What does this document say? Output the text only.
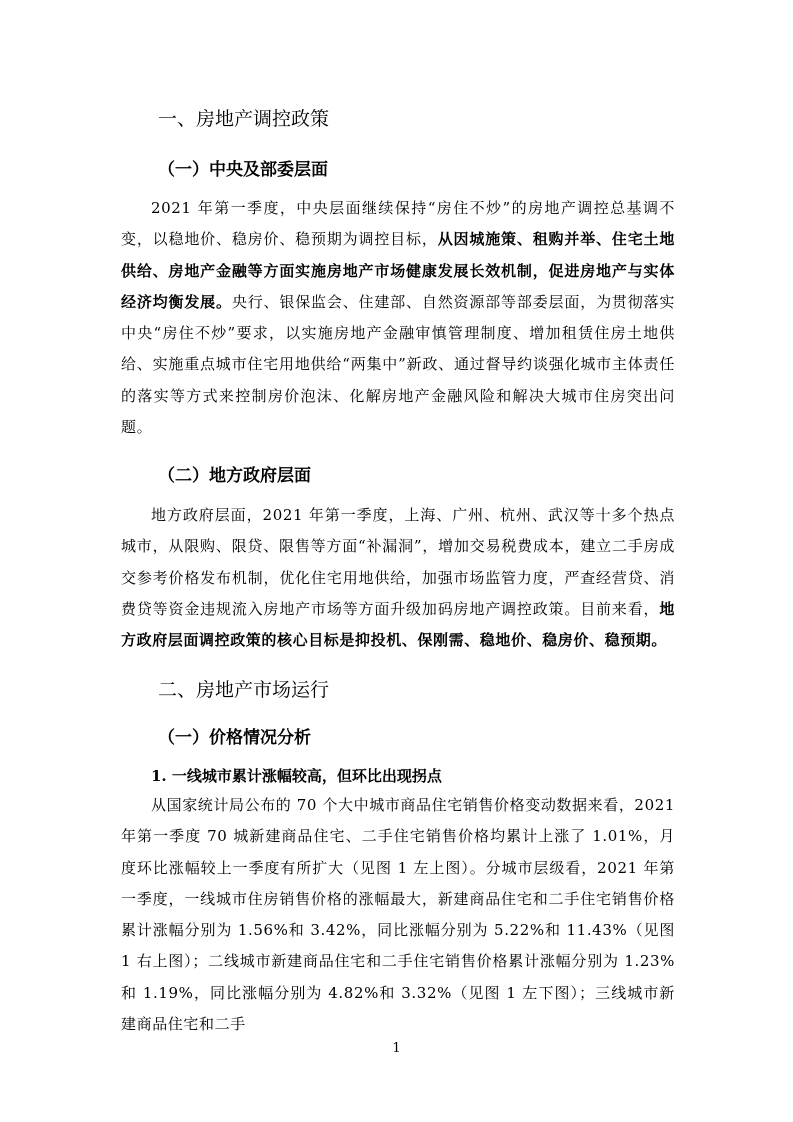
一、房地产调控政策
（一）中央及部委层面

2021 年第一季度，中央层面继续保持“房住不炒”的房地产调控总基调不变，以稳地价、稳房价、稳预期为调控目标，从因城施策、租购并举、住宅土地供给、房地产金融等方面实施房地产市场健康发展长效机制，促进房地产与实体经济均衡发展。央行、银保监会、住建部、自然资源部等部委层面，为贯彻落实中央“房住不炒”要求，以实施房地产金融审慎管理制度、增加租赁住房土地供给、实施重点城市住宅用地供给“两集中”新政、通过督导约谈强化城市主体责任的落实等方式来控制房价泡沫、化解房地产金融风险和解决大城市住房突出问题。

（二）地方政府层面

地方政府层面，2021 年第一季度，上海、广州、杭州、武汉等十多个热点城市，从限购、限贷、限售等方面“补漏洞”，增加交易税费成本，建立二手房成交参考价格发布机制，优化住宅用地供给，加强市场监管力度，严查经营贷、消费贷等资金违规流入房地产市场等方面升级加码房地产调控政策。目前来看，地方政府层面调控政策的核心目标是抑投机、保刚需、稳地价、稳房价、稳预期。

二、房地产市场运行
（一）价格情况分析
1. 一线城市累计涨幅较高，但环比出现拐点

从国家统计局公布的 70 个大中城市商品住宅销售价格变动数据来看，2021 年第一季度 70 城新建商品住宅、二手住宅销售价格均累计上涨了 1.01%，月度环比涨幅较上一季度有所扩大（见图 1 左上图）。分城市层级看，2021 年第一季度，一线城市住房销售价格的涨幅最大，新建商品住宅和二手住宅销售价格累计涨幅分别为 1.56%和 3.42%，同比涨幅分别为 5.22%和 11.43%（见图 1 右上图）；二线城市新建商品住宅和二手住宅销售价格累计涨幅分别为 1.23%和 1.19%，同比涨幅分别为 4.82%和 3.32%（见图 1 左下图）；三线城市新建商品住宅和二手

1
